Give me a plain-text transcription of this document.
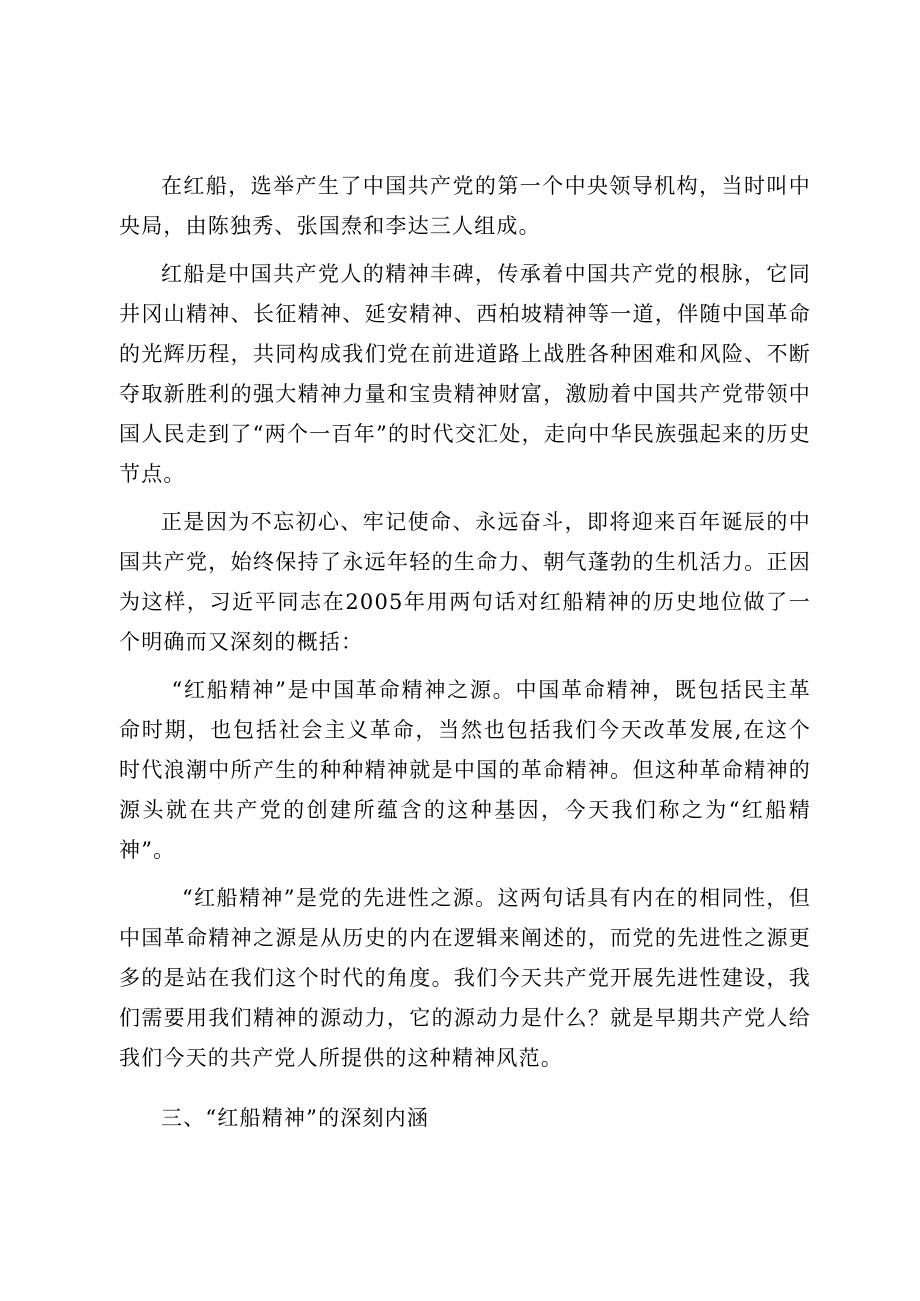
在红船，选举产生了中国共产党的第一个中央领导机构，当时叫中央局，由陈独秀、张国焘和李达三人组成。

红船是中国共产党人的精神丰碑，传承着中国共产党的根脉，它同井冈山精神、长征精神、延安精神、西柏坡精神等一道，伴随中国革命的光辉历程，共同构成我们党在前进道路上战胜各种困难和风险、不断夺取新胜利的强大精神力量和宝贵精神财富，激励着中国共产党带领中国人民走到了“两个一百年”的时代交汇处，走向中华民族强起来的历史节点。

正是因为不忘初心、牢记使命、永远奋斗，即将迎来百年诞辰的中国共产党，始终保持了永远年轻的生命力、朝气蓬勃的生机活力。正因为这样，习近平同志在2005年用两句话对红船精神的历史地位做了一个明确而又深刻的概括：

“红船精神”是中国革命精神之源。中国革命精神，既包括民主革命时期，也包括社会主义革命，当然也包括我们今天改革发展,在这个时代浪潮中所产生的种种精神就是中国的革命精神。但这种革命精神的源头就在共产党的创建所蕴含的这种基因，今天我们称之为“红船精神”。

“红船精神”是党的先进性之源。这两句话具有内在的相同性，但中国革命精神之源是从历史的内在逻辑来阐述的，而党的先进性之源更多的是站在我们这个时代的角度。我们今天共产党开展先进性建设，我们需要用我们精神的源动力，它的源动力是什么？就是早期共产党人给我们今天的共产党人所提供的这种精神风范。

三、“红船精神”的深刻内涵
